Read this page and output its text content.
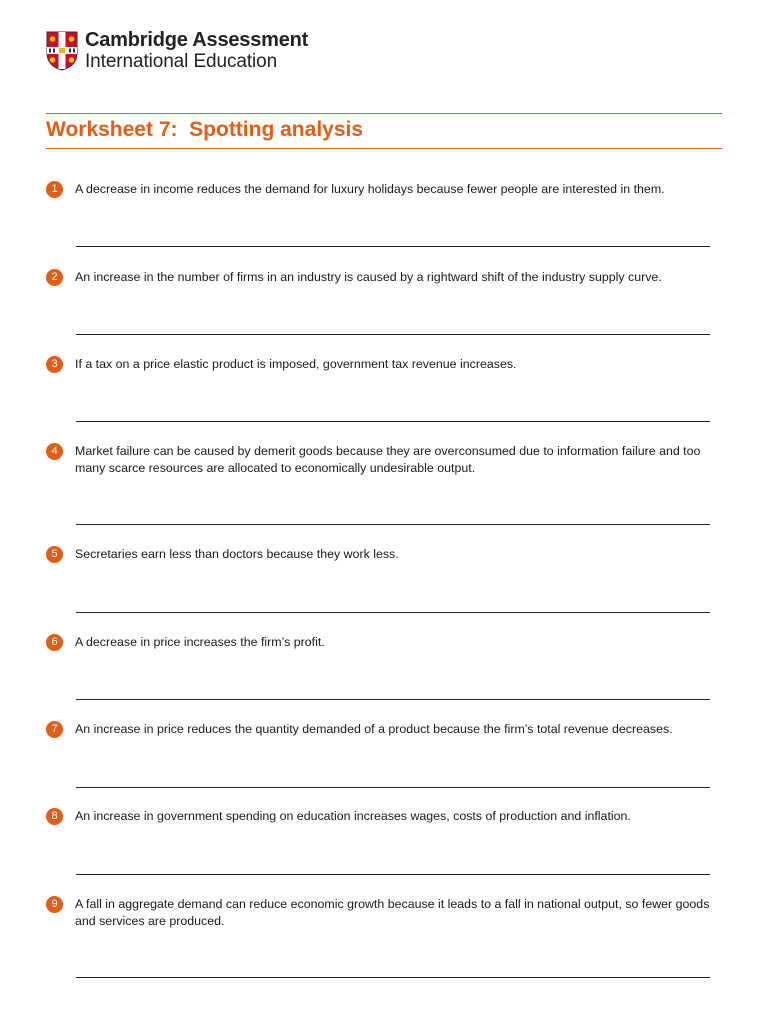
Cambridge Assessment
International Education
Worksheet 7:  Spotting analysis
1	A decrease in income reduces the demand for luxury holidays because fewer people are interested in them.
2	An increase in the number of firms in an industry is caused by a rightward shift of the industry supply curve.
3	If a tax on a price elastic product is imposed, government tax revenue increases.
4	Market failure can be caused by demerit goods because they are overconsumed due to information failure and too many scarce resources are allocated to economically undesirable output.
5	Secretaries earn less than doctors because they work less.
6	A decrease in price increases the firm’s profit.
7	An increase in price reduces the quantity demanded of a product because the firm’s total revenue decreases.
8	An increase in government spending on education increases wages, costs of production and inflation.
9	A fall in aggregate demand can reduce economic growth because it leads to a fall in national output, so fewer goods and services are produced.
